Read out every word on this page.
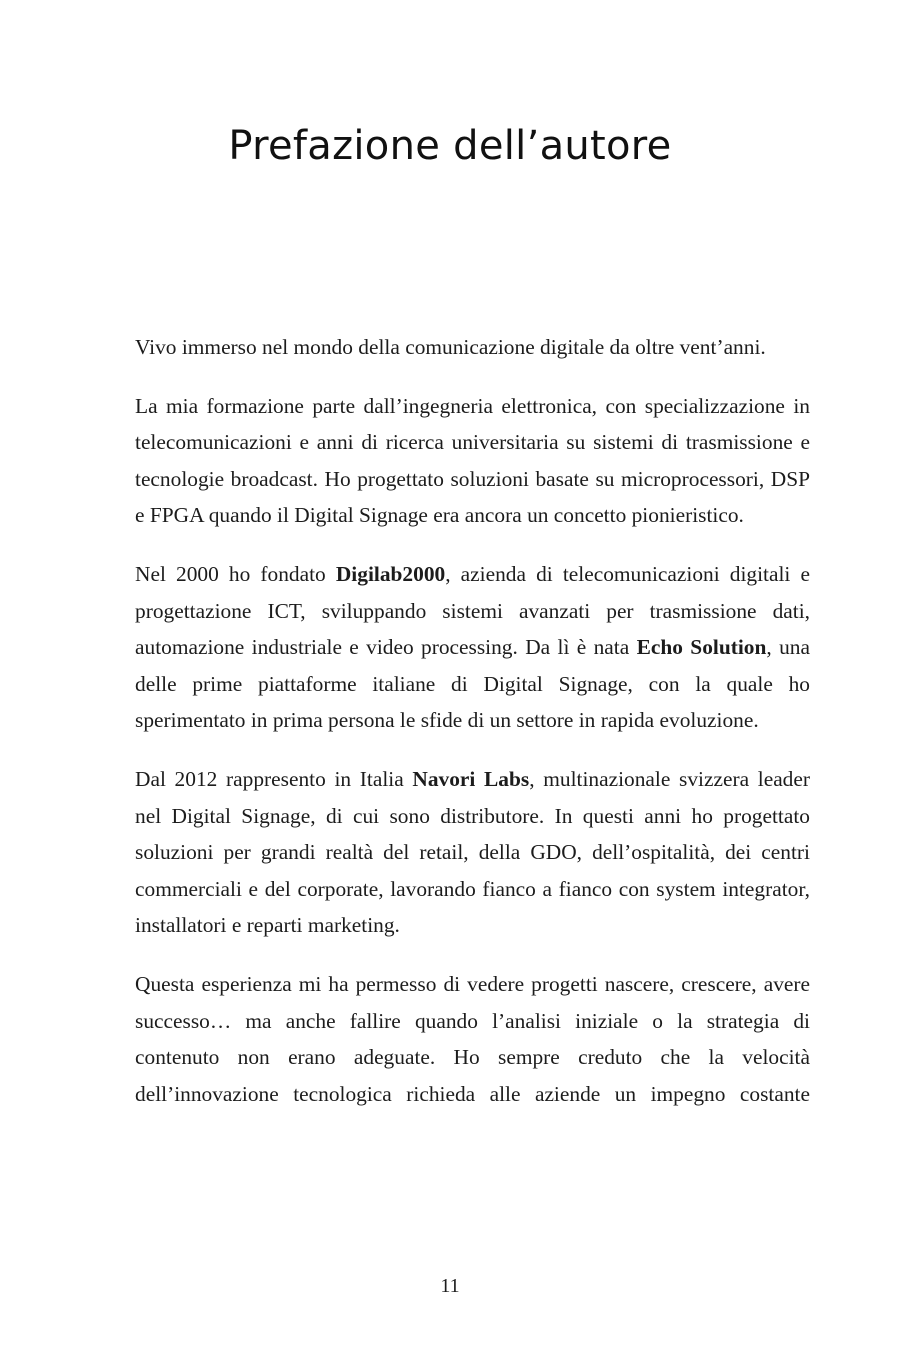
Prefazione dell’autore

Vivo immerso nel mondo della comunicazione digitale da oltre vent’anni.

La mia formazione parte dall’ingegneria elettronica, con specializzazione in telecomunicazioni e anni di ricerca universitaria su sistemi di trasmissione e tecnologie broadcast. Ho progettato soluzioni basate su microprocessori, DSP e FPGA quando il Digital Signage era ancora un concetto pionieristico.

Nel 2000 ho fondato Digilab2000, azienda di telecomunicazioni digitali e progettazione ICT, sviluppando sistemi avanzati per trasmissione dati, automazione industriale e video processing. Da lì è nata Echo Solution, una delle prime piattaforme italiane di Digital Signage, con la quale ho sperimentato in prima persona le sfide di un settore in rapida evoluzione.

Dal 2012 rappresento in Italia Navori Labs, multinazionale svizzera leader nel Digital Signage, di cui sono distributore. In questi anni ho progettato soluzioni per grandi realtà del retail, della GDO, dell’ospitalità, dei centri commerciali e del corporate, lavorando fianco a fianco con system integrator, installatori e reparti marketing.

Questa esperienza mi ha permesso di vedere progetti nascere, crescere, avere successo… ma anche fallire quando l’analisi iniziale o la strategia di contenuto non erano adeguate. Ho sempre creduto che la velocità dell’innovazione tecnologica richieda alle aziende un impegno costante

11
